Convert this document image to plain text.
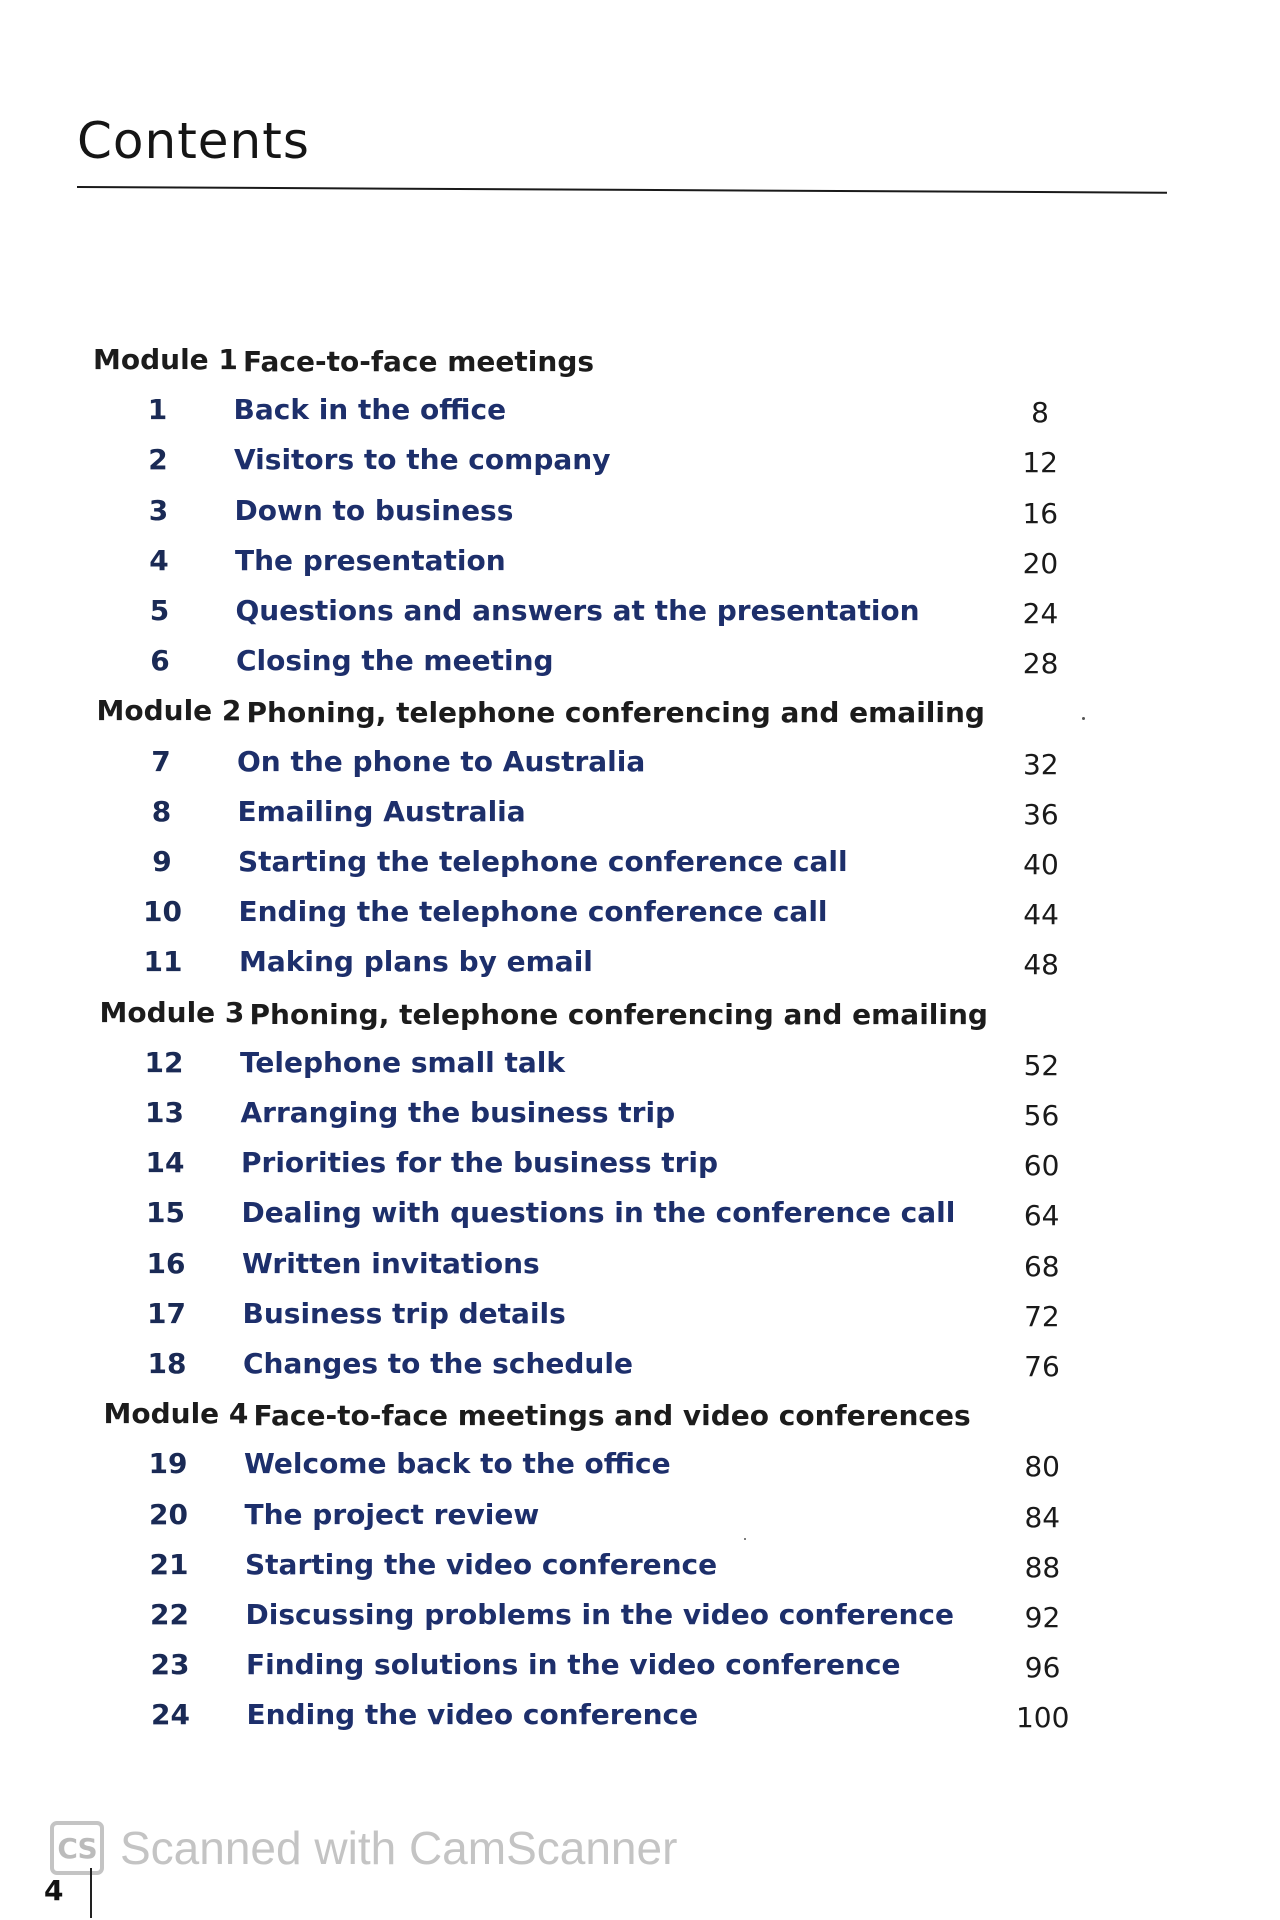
Contents
Module 1 Face-to-face meetings
1	Back in the office	8
2	Visitors to the company	12
3	Down to business	16
4	The presentation	20
5	Questions and answers at the presentation	24
6	Closing the meeting	28
Module 2 Phoning, telephone conferencing and emailing
7	On the phone to Australia	32
8	Emailing Australia	36
9	Starting the telephone conference call	40
10	Ending the telephone conference call	44
11	Making plans by email	48
Module 3 Phoning, telephone conferencing and emailing
12	Telephone small talk	52
13	Arranging the business trip	56
14	Priorities for the business trip	60
15	Dealing with questions in the conference call	64
16	Written invitations	68
17	Business trip details	72
18	Changes to the schedule	76
Module 4 Face-to-face meetings and video conferences
19	Welcome back to the office	80
20	The project review	84
21	Starting the video conference	88
22	Discussing problems in the video conference	92
23	Finding solutions in the video conference	96
24	Ending the video conference	100
CS Scanned with CamScanner
4
